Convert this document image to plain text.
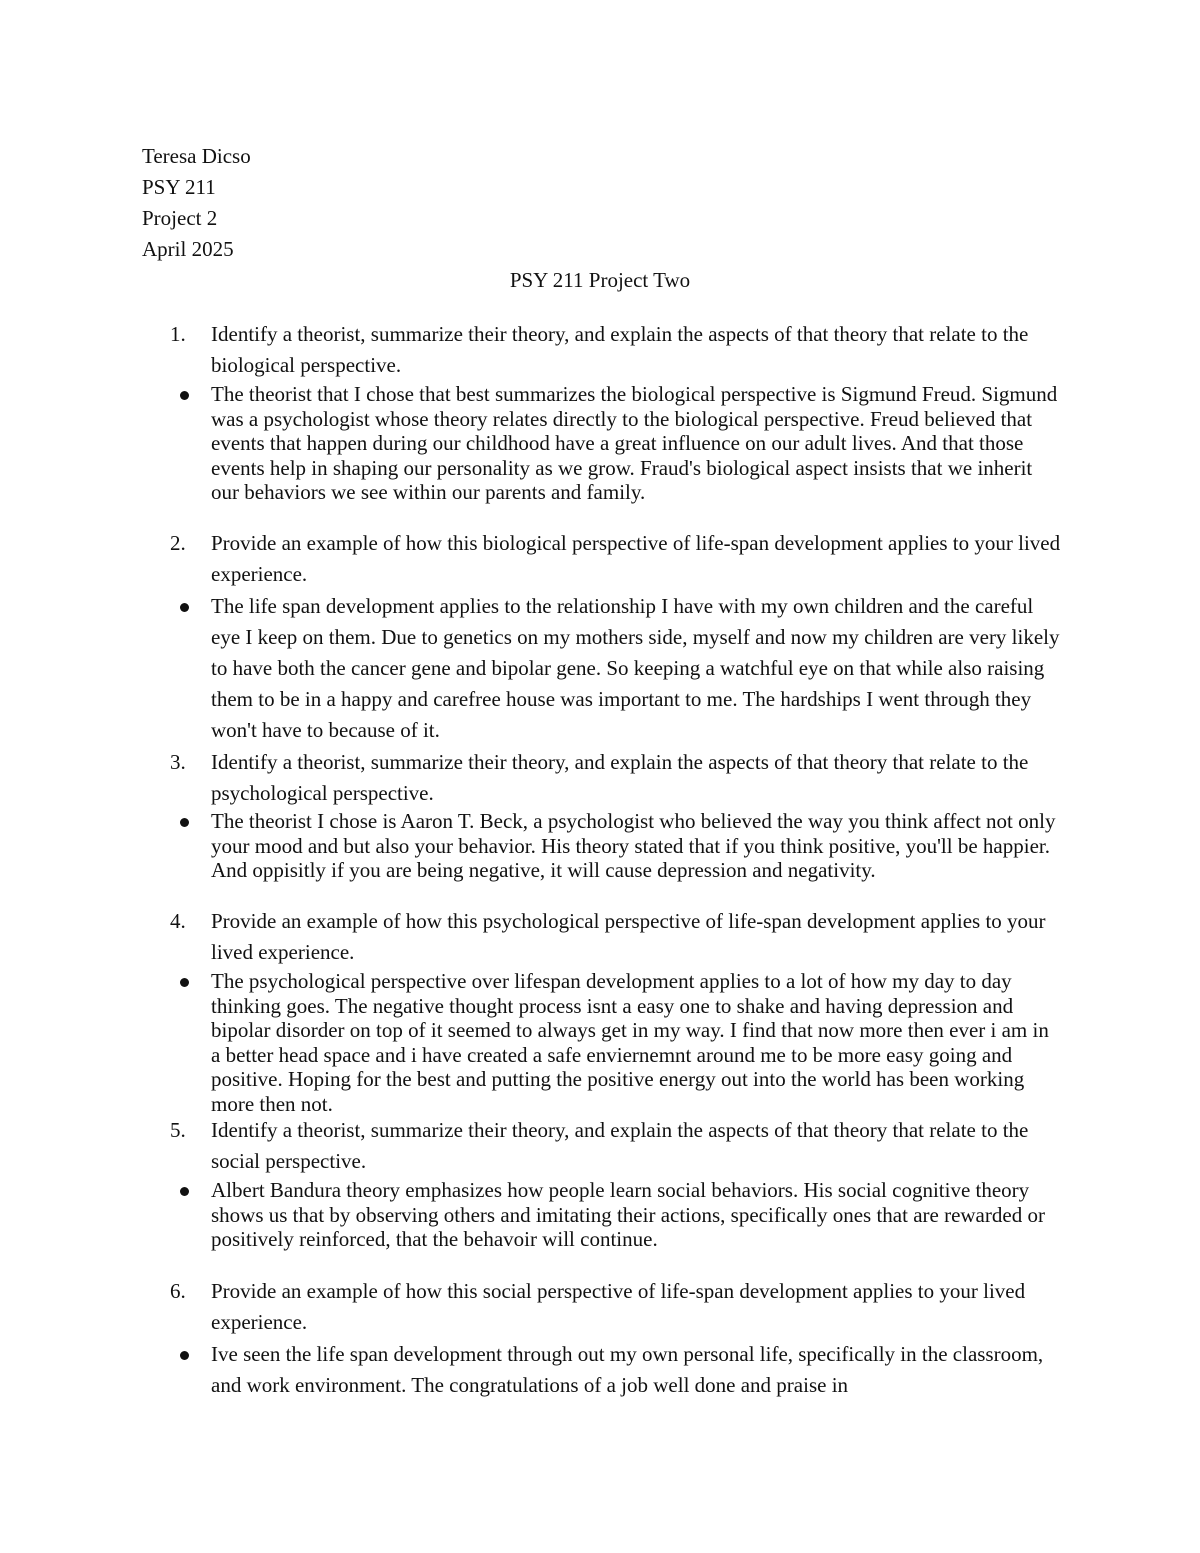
Teresa Dicso
PSY 211
Project 2
April 2025
PSY 211 Project Two
1.	Identify a theorist, summarize their theory, and explain the aspects of that theory that relate to the biological perspective.
The theorist that I chose that best summarizes the biological perspective is Sigmund Freud. Sigmund was a psychologist whose theory relates directly to the biological perspective. Freud believed that events that happen during our childhood have a great influence on our adult lives. And that those events help in shaping our personality as we grow. Fraud's biological aspect insists that we inherit our behaviors we see within our parents and family.
2.	Provide an example of how this biological perspective of life-span development applies to your lived experience.
The life span development applies to the relationship I have with my own children and the careful eye I keep on them. Due to genetics on my mothers side, myself and now my children are very likely to have both the cancer gene and bipolar gene. So keeping a watchful eye on that while also raising them to be in a happy and carefree house was important to me. The hardships I went through they won't have to because of it.
3.	Identify a theorist, summarize their theory, and explain the aspects of that theory that relate to the psychological perspective.
The theorist I chose is Aaron T. Beck, a psychologist who believed the way you think affect not only your mood and but also your behavior. His theory stated that if you think positive, you'll be happier. And oppisitly if you are being negative, it will cause depression and negativity.
4.	Provide an example of how this psychological perspective of life-span development applies to your lived experience.
The psychological perspective over lifespan development applies to a lot of how my day to day thinking goes. The negative thought process isnt a easy one to shake and having depression and bipolar disorder on top of it seemed to always get in my way. I find that now more then ever i am in a better head space and i have created a safe enviernemnt around me to be more easy going and positive. Hoping for the best and putting the positive energy out into the world has been working more then not.
5.	Identify a theorist, summarize their theory, and explain the aspects of that theory that relate to the social perspective.
Albert Bandura theory emphasizes how people learn social behaviors. His social cognitive theory shows us that by observing others and imitating their actions, specifically ones that are rewarded or positively reinforced, that the behavoir will continue.
6.	Provide an example of how this social perspective of life-span development applies to your lived experience.
Ive seen the life span development through out my own personal life, specifically in the classroom, and work environment. The congratulations of a job well done and praise in
